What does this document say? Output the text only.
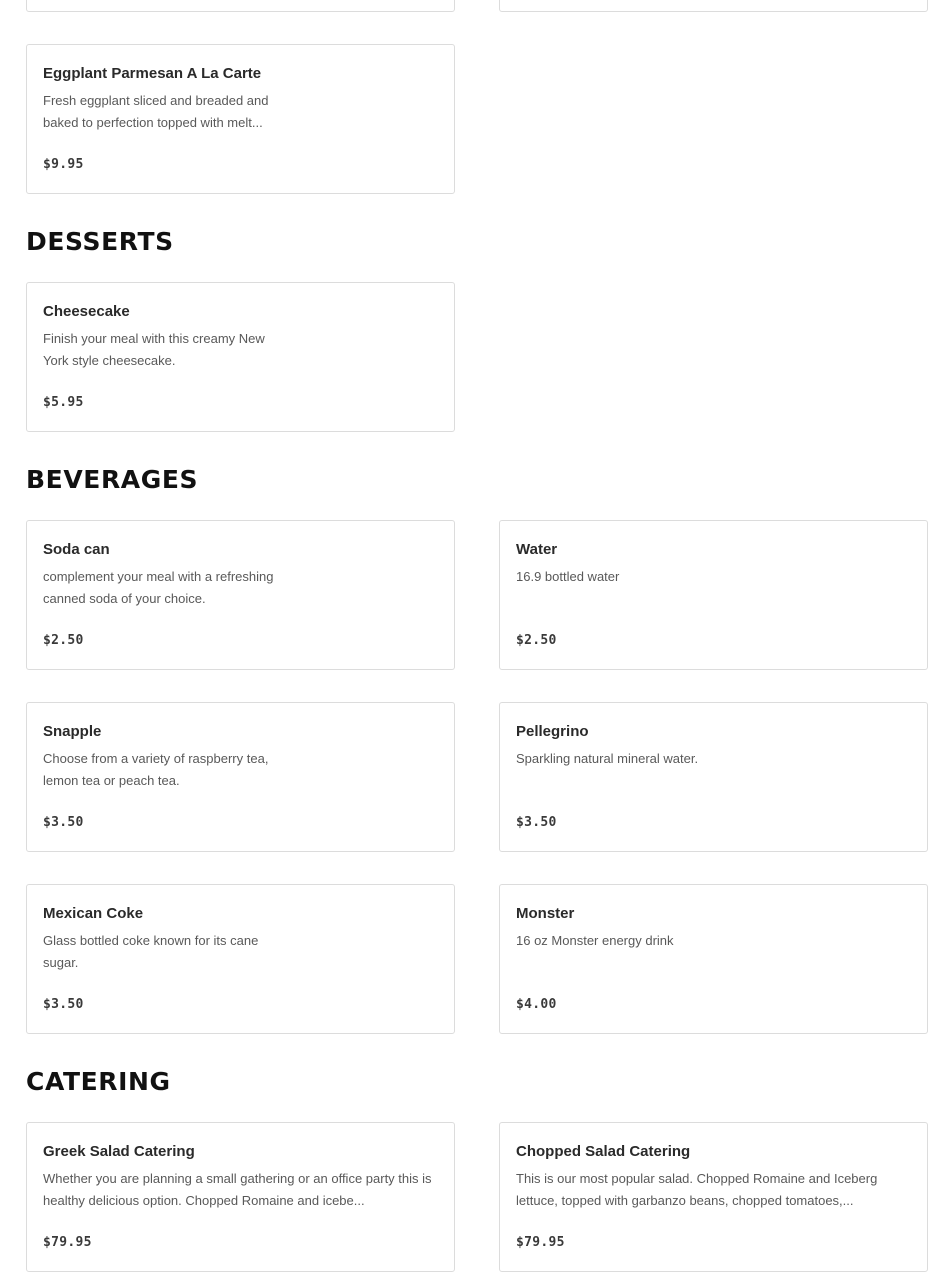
Eggplant Parmesan A La Carte
Fresh eggplant sliced and breaded and baked to perfection topped with melt...
$9.95
DESSERTS
Cheesecake
Finish your meal with this creamy New York style cheesecake.
$5.95
BEVERAGES
Soda can
complement your meal with a refreshing canned soda of your choice.
$2.50
Water
16.9 bottled water
$2.50
Snapple
Choose from a variety of raspberry tea, lemon tea or peach tea.
$3.50
Pellegrino
Sparkling natural mineral water.
$3.50
Mexican Coke
Glass bottled coke known for its cane sugar.
$3.50
Monster
16 oz Monster energy drink
$4.00
CATERING
Greek Salad Catering
Whether you are planning a small gathering or an office party this is healthy delicious option. Chopped Romaine and icebe...
$79.95
Chopped Salad Catering
This is our most popular salad. Chopped Romaine and Iceberg lettuce, topped with garbanzo beans, chopped tomatoes,...
$79.95
